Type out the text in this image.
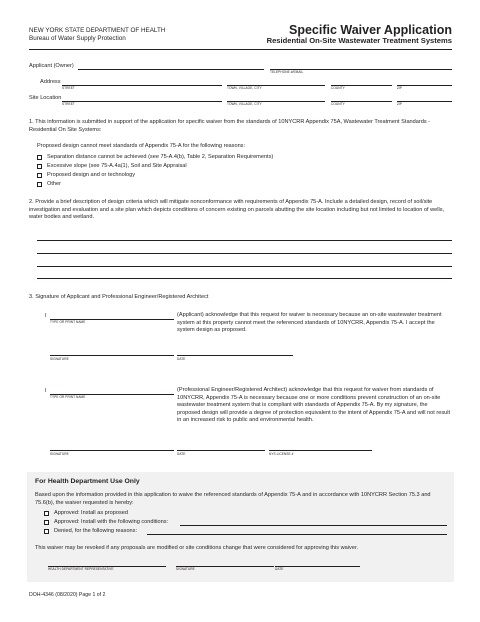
NEW YORK STATE DEPARTMENT OF HEALTH
Bureau of Water Supply Protection
Specific Waiver Application
Residential On-Site Wastewater Treatment Systems
Applicant (Owner)
TELEPHONE #/EMAIL
Address
STREET	TOWN, VILLAGE, CITY	COUNTY	ZIP
Site Location
STREET	TOWN, VILLAGE, CITY	COUNTY	ZIP
1. This information is submitted in support of the application for specific waiver from the standards of 10NYCRR Appendix 75A, Wastewater Treatment Standards - Residential On Site Systems:
Proposed design cannot meet standards of Appendix 75-A for the following reasons:
Separation distance cannot be achieved (see 75-A.4(b), Table 2, Separation Requirements)
Excessive slope (see 75-A.4a(1), Soil and Site Appraisal
Proposed design and or technology
Other
2. Provide a brief description of design criteria which will mitigate nonconformance with requirements of Appendix 75-A. Include a detailed design, record of soil/site investigation and evaluation and a site plan which depicts conditions of concern existing on parcels abutting the site location including but not limited to location of wells, water bodies and wetland.
3. Signature of Applicant and Professional Engineer/Registered Architect
I
TYPE OR PRINT NAME
(Applicant) acknowledge that this request for waiver is necessary because an on-site wastewater treatment system at this property cannot meet the referenced standards of 10NYCRR, Appendix 75-A. I accept the system design as proposed.
SIGNATURE	DATE
I
TYPE OR PRINT NAME
(Professional Engineer/Registered Architect) acknowledge that this request for waiver from standards of 10NYCRR, Appendix 75-A is necessary because one or more conditions prevent construction of an on-site wastewater treatment system that is compliant with standards of Appendix 75-A. By my signature, the proposed design will provide a degree of protection equivalent to the intent of Appendix 75-A and will not result in an increased risk to public and environmental health.
SIGNATURE	DATE	NYS LICENSE #
For Health Department Use Only
Based upon the information provided in this application to waive the referenced standards of Appendix 75-A and in accordance with 10NYCRR Section 75.3 and 75.6(b), the waiver requested is hereby:
Approved: Install as proposed
Approved: Install with the following conditions:
Denied, for the following reasons:
This waiver may be revoked if any proposals are modified or site conditions change that were considered for approving this waiver.
HEALTH DEPARTMENT REPRESENTATIVE	SIGNATURE	DATE
DOH-4346 (08/2020) Page 1 of 2
